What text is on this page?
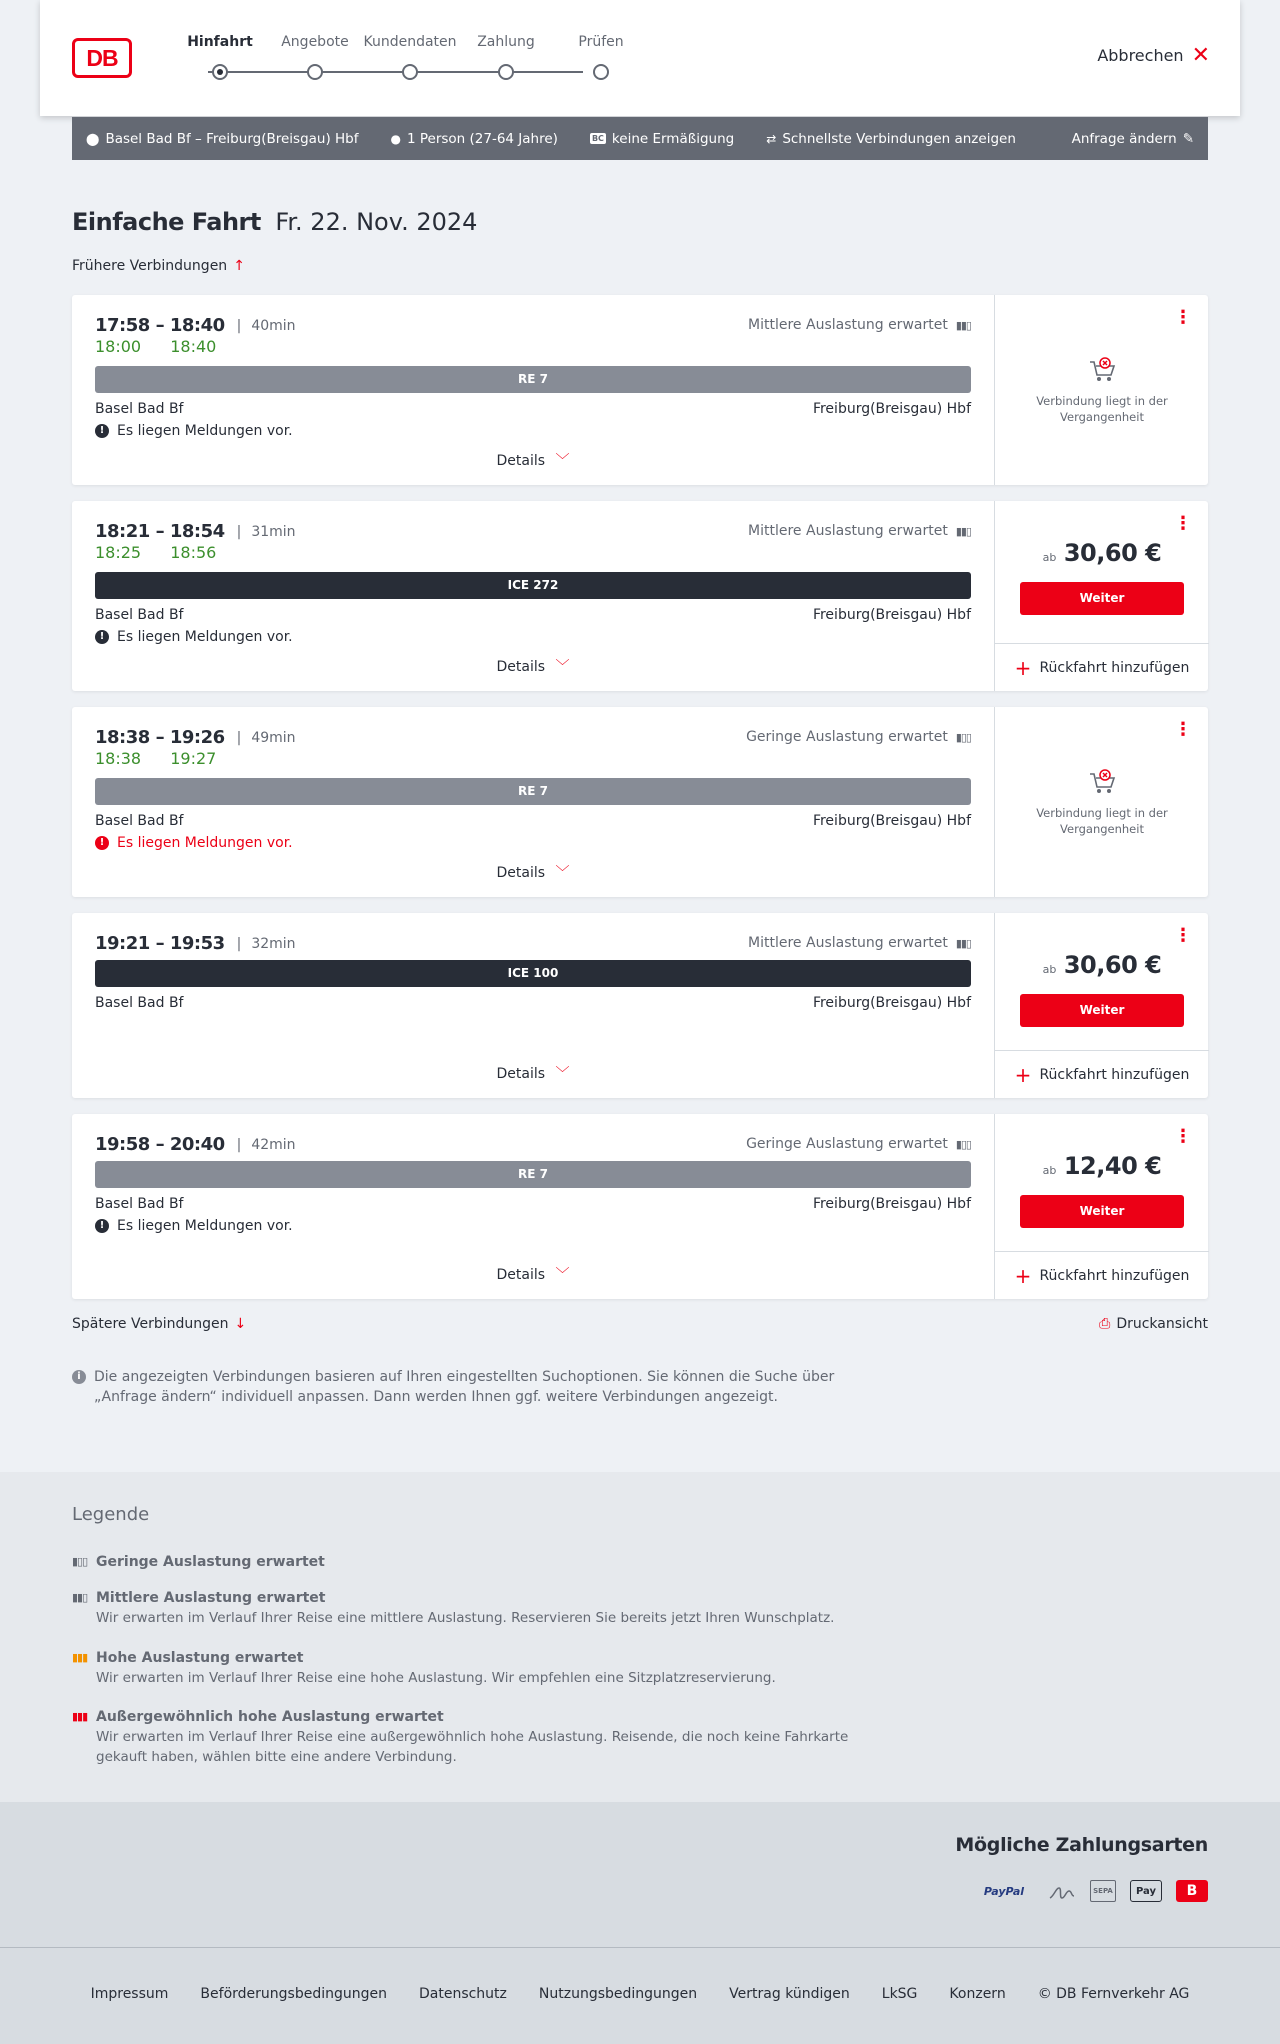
DB
Hinfahrt	Angebote	Kundendaten	Zahlung	Prüfen
Abbrechen ✕
⬤ Basel Bad Bf – Freiburg(Breisgau) Hbf	● 1 Person (27-64 Jahre)	BC keine Ermäßigung	⇄ Schnellste Verbindungen anzeigen	Anfrage ändern ✎
Einfache Fahrt Fr. 22. Nov. 2024
Frühere Verbindungen ↑
17:58 – 18:40 | 40min
18:00 18:40
Mittlere Auslastung erwartet ▮▮▯
RE 7
Basel Bad Bf	Freiburg(Breisgau) Hbf
! Es liegen Meldungen vor.
Details ﹀
⋮
Verbindung liegt in der Vergangenheit
18:21 – 18:54 | 31min
18:25 18:56
Mittlere Auslastung erwartet ▮▮▯
ICE 272
Basel Bad Bf	Freiburg(Breisgau) Hbf
! Es liegen Meldungen vor.
Details ﹀
⋮
ab 30,60 €
Weiter
+ Rückfahrt hinzufügen
18:38 – 19:26 | 49min
18:38 19:27
Geringe Auslastung erwartet ▮▯▯
RE 7
Basel Bad Bf	Freiburg(Breisgau) Hbf
! Es liegen Meldungen vor.
Details ﹀
⋮
Verbindung liegt in der Vergangenheit
19:21 – 19:53 | 32min	Mittlere Auslastung erwartet ▮▮▯
ICE 100
Basel Bad Bf	Freiburg(Breisgau) Hbf
Details ﹀
⋮
ab 30,60 €
Weiter
+ Rückfahrt hinzufügen
19:58 – 20:40 | 42min	Geringe Auslastung erwartet ▮▯▯
RE 7
Basel Bad Bf	Freiburg(Breisgau) Hbf
! Es liegen Meldungen vor.
Details ﹀
⋮
ab 12,40 €
Weiter
+ Rückfahrt hinzufügen
Spätere Verbindungen ↓	⎙ Druckansicht
i Die angezeigten Verbindungen basieren auf Ihren eingestellten Suchoptionen. Sie können die Suche über „Anfrage ändern“ individuell anpassen. Dann werden Ihnen ggf. weitere Verbindungen angezeigt.
Legende
▮▯▯ Geringe Auslastung erwartet
▮▮▯ Mittlere Auslastung erwartet
Wir erwarten im Verlauf Ihrer Reise eine mittlere Auslastung. Reservieren Sie bereits jetzt Ihren Wunschplatz.
▮▮▮ Hohe Auslastung erwartet
Wir erwarten im Verlauf Ihrer Reise eine hohe Auslastung. Wir empfehlen eine Sitzplatzreservierung.
▮▮▮ Außergewöhnlich hohe Auslastung erwartet
Wir erwarten im Verlauf Ihrer Reise eine außergewöhnlich hohe Auslastung. Reisende, die noch keine Fahrkarte gekauft haben, wählen bitte eine andere Verbindung.
Mögliche Zahlungsarten
PayPal	SEPA	Pay	B
Impressum Beförderungsbedingungen Datenschutz Nutzungsbedingungen Vertrag kündigen LkSG Konzern © DB Fernverkehr AG
